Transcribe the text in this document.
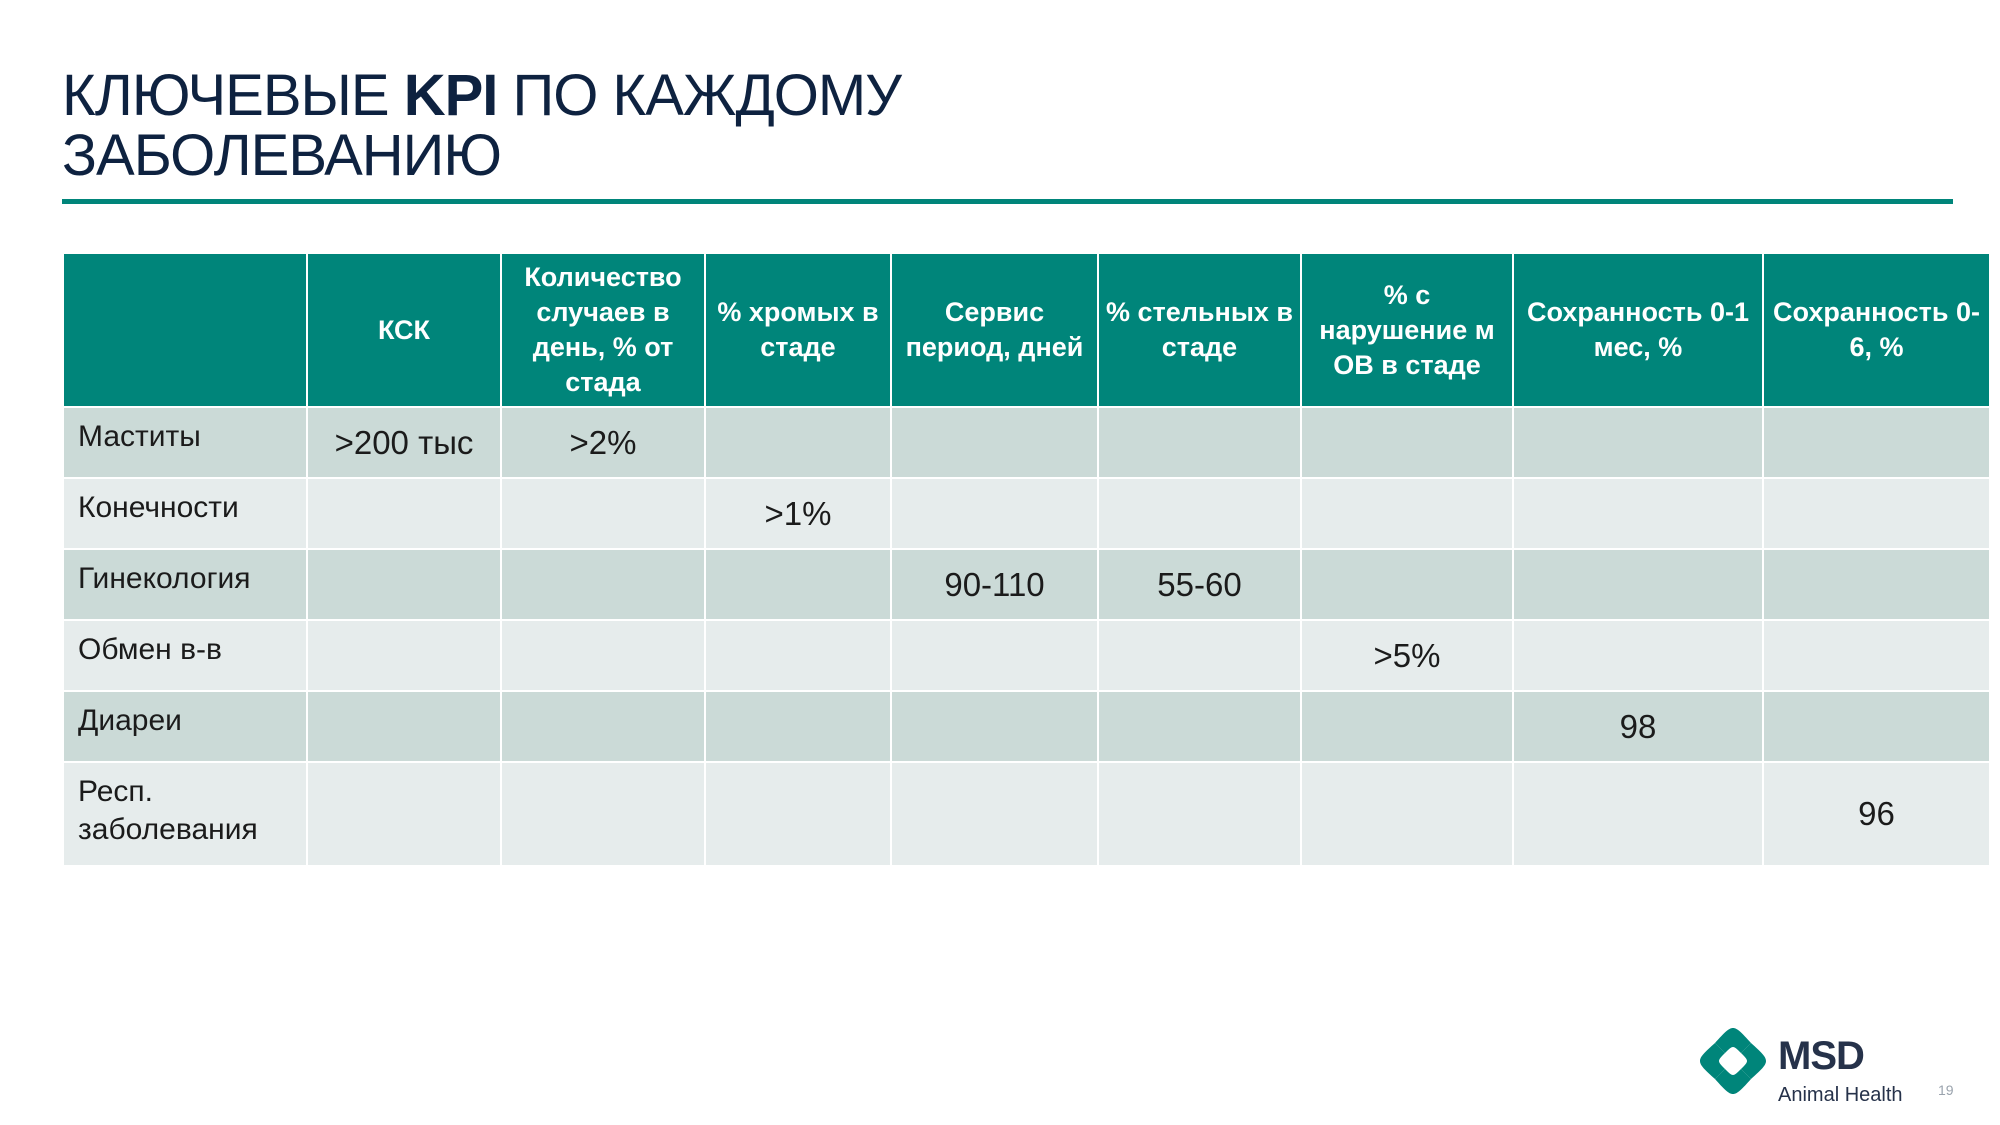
КЛЮЧЕВЫЕ KPI ПО КАЖДОМУ
ЗАБОЛЕВАНИЮ
	КСК	Количество случаев в день, % от стада	% хромых в стаде	Сервис период, дней	% стельных в стаде	% с нарушение м ОВ в стаде	Сохранность 0-1 мес, %	Сохранность 0-6, %
Маститы	>200 тыс	>2%						
Конечности			>1%					
Гинекология				90-110	55-60			
Обмен в-в						>5%		
Диареи							98	
Респ. заболевания								96
MSD
Animal Health	19
